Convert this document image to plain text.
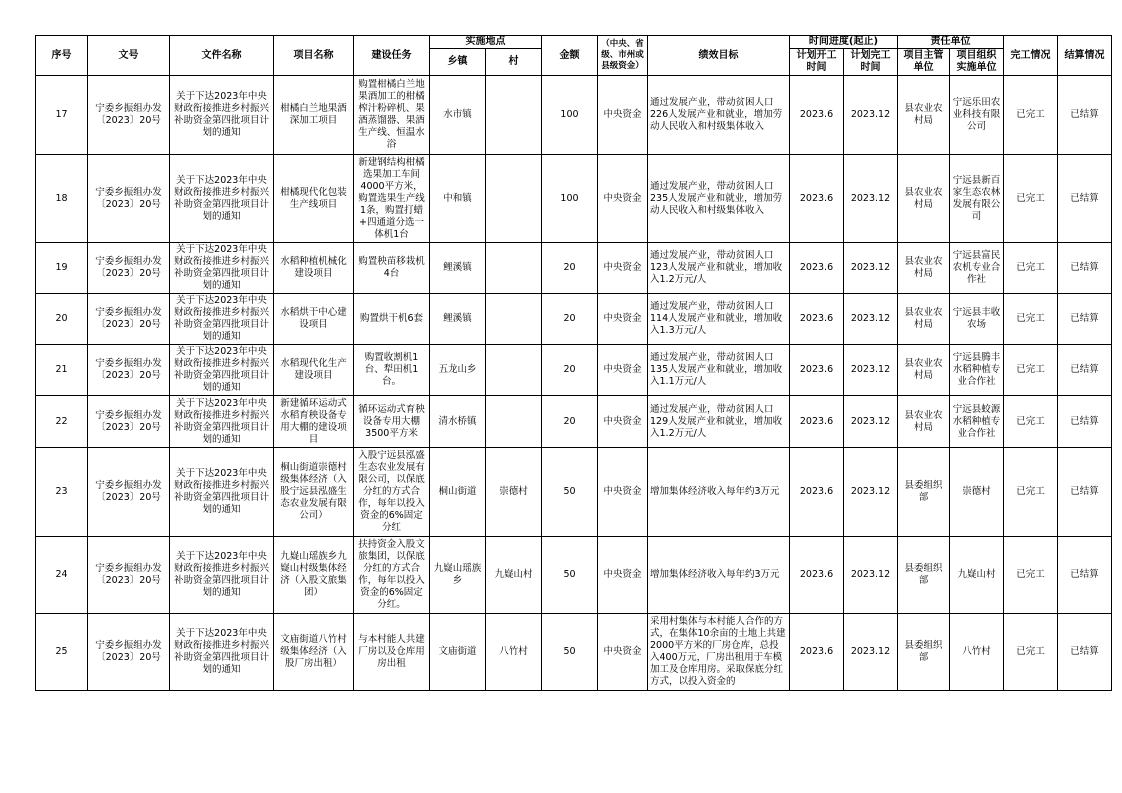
序号	文号	文件名称	项目名称	建设任务	实施地点		金额	（中央、省级、市州或县级资金）	绩效目标	时间进度(起止)		责任单位		完工情况	结算情况
					乡镇	村				计划开工时间	计划完工时间	项目主管单位	项目组织实施单位		

17	宁委乡振组办发〔2023〕20号	关于下达2023年中央财政衔接推进乡村振兴补助资金第四批项目计划的通知	柑橘白兰地果酒深加工项目	购置柑橘白兰地果酒加工的柑橘榨汁粉碎机、果酒蒸馏器、果酒生产线、恒温水浴	水市镇		100	中央资金	通过发展产业，带动贫困人口226人发展产业和就业，增加劳动人民收入和村级集体收入	2023.6	2023.12	县农业农村局	宁远乐田农业科技有限公司	已完工	已结算
18	宁委乡振组办发〔2023〕20号	关于下达2023年中央财政衔接推进乡村振兴补助资金第四批项目计划的通知	柑橘现代化包装生产线项目	新建钢结构柑橘选果加工车间4000平方米，购置选果生产线1条，购置打蜡+四通道分选一体机1台	中和镇		100	中央资金	通过发展产业，带动贫困人口235人发展产业和就业，增加劳动人民收入和村级集体收入	2023.6	2023.12	县农业农村局	宁远县新百家生态农林发展有限公司	已完工	已结算
19	宁委乡振组办发〔2023〕20号	关于下达2023年中央财政衔接推进乡村振兴补助资金第四批项目计划的通知	水稻种植机械化建设项目	购置秧苗移栽机4台	鲤溪镇		20	中央资金	通过发展产业，带动贫困人口123人发展产业和就业，增加收入1.2万元/人	2023.6	2023.12	县农业农村局	宁远县富民农机专业合作社	已完工	已结算
20	宁委乡振组办发〔2023〕20号	关于下达2023年中央财政衔接推进乡村振兴补助资金第四批项目计划的通知	水稻烘干中心建设项目	购置烘干机6套	鲤溪镇		20	中央资金	通过发展产业，带动贫困人口114人发展产业和就业，增加收入1.3万元/人	2023.6	2023.12	县农业农村局	宁远县丰收农场	已完工	已结算
21	宁委乡振组办发〔2023〕20号	关于下达2023年中央财政衔接推进乡村振兴补助资金第四批项目计划的通知	水稻现代化生产建设项目	购置收割机1台、犁田机1台。	五龙山乡		20	中央资金	通过发展产业，带动贫困人口135人发展产业和就业，增加收入1.1万元/人	2023.6	2023.12	县农业农村局	宁远县腾丰水稻种植专业合作社	已完工	已结算
22	宁委乡振组办发〔2023〕20号	关于下达2023年中央财政衔接推进乡村振兴补助资金第四批项目计划的通知	新建循环运动式水稻育秧设备专用大棚的建设项目	循环运动式育秧设备专用大棚3500平方米	清水桥镇		20	中央资金	通过发展产业，带动贫困人口129人发展产业和就业，增加收入1.2万元/人	2023.6	2023.12	县农业农村局	宁远县蛟源水稻种植专业合作社	已完工	已结算
23	宁委乡振组办发〔2023〕20号	关于下达2023年中央财政衔接推进乡村振兴补助资金第四批项目计划的通知	桐山街道崇德村级集体经济（入股宁远县泓盛生态农业发展有限公司）	入股宁远县泓盛生态农业发展有限公司，以保底分红的方式合作，每年以投入资金的6%固定分红	桐山街道	崇德村	50	中央资金	增加集体经济收入每年约3万元	2023.6	2023.12	县委组织部	崇德村	已完工	已结算
24	宁委乡振组办发〔2023〕20号	关于下达2023年中央财政衔接推进乡村振兴补助资金第四批项目计划的通知	九嶷山瑶族乡九嶷山村级集体经济（入股文旅集团）	扶持资金入股文旅集团，以保底分红的方式合作，每年以投入资金的6%固定分红。	九嶷山瑶族乡	九嶷山村	50	中央资金	增加集体经济收入每年约3万元	2023.6	2023.12	县委组织部	九嶷山村	已完工	已结算
25	宁委乡振组办发〔2023〕20号	关于下达2023年中央财政衔接推进乡村振兴补助资金第四批项目计划的通知	文庙街道八竹村级集体经济（入股厂房出租）	与本村能人共建厂房以及仓库用房出租	文庙街道	八竹村	50	中央资金	采用村集体与本村能人合作的方式，在集体10余亩的土地上共建2000平方米的厂房仓库，总投入400万元，厂房出租用于车模加工及仓库用房。采取保底分红方式，以投入资金的	2023.6	2023.12	县委组织部	八竹村	已完工	已结算
